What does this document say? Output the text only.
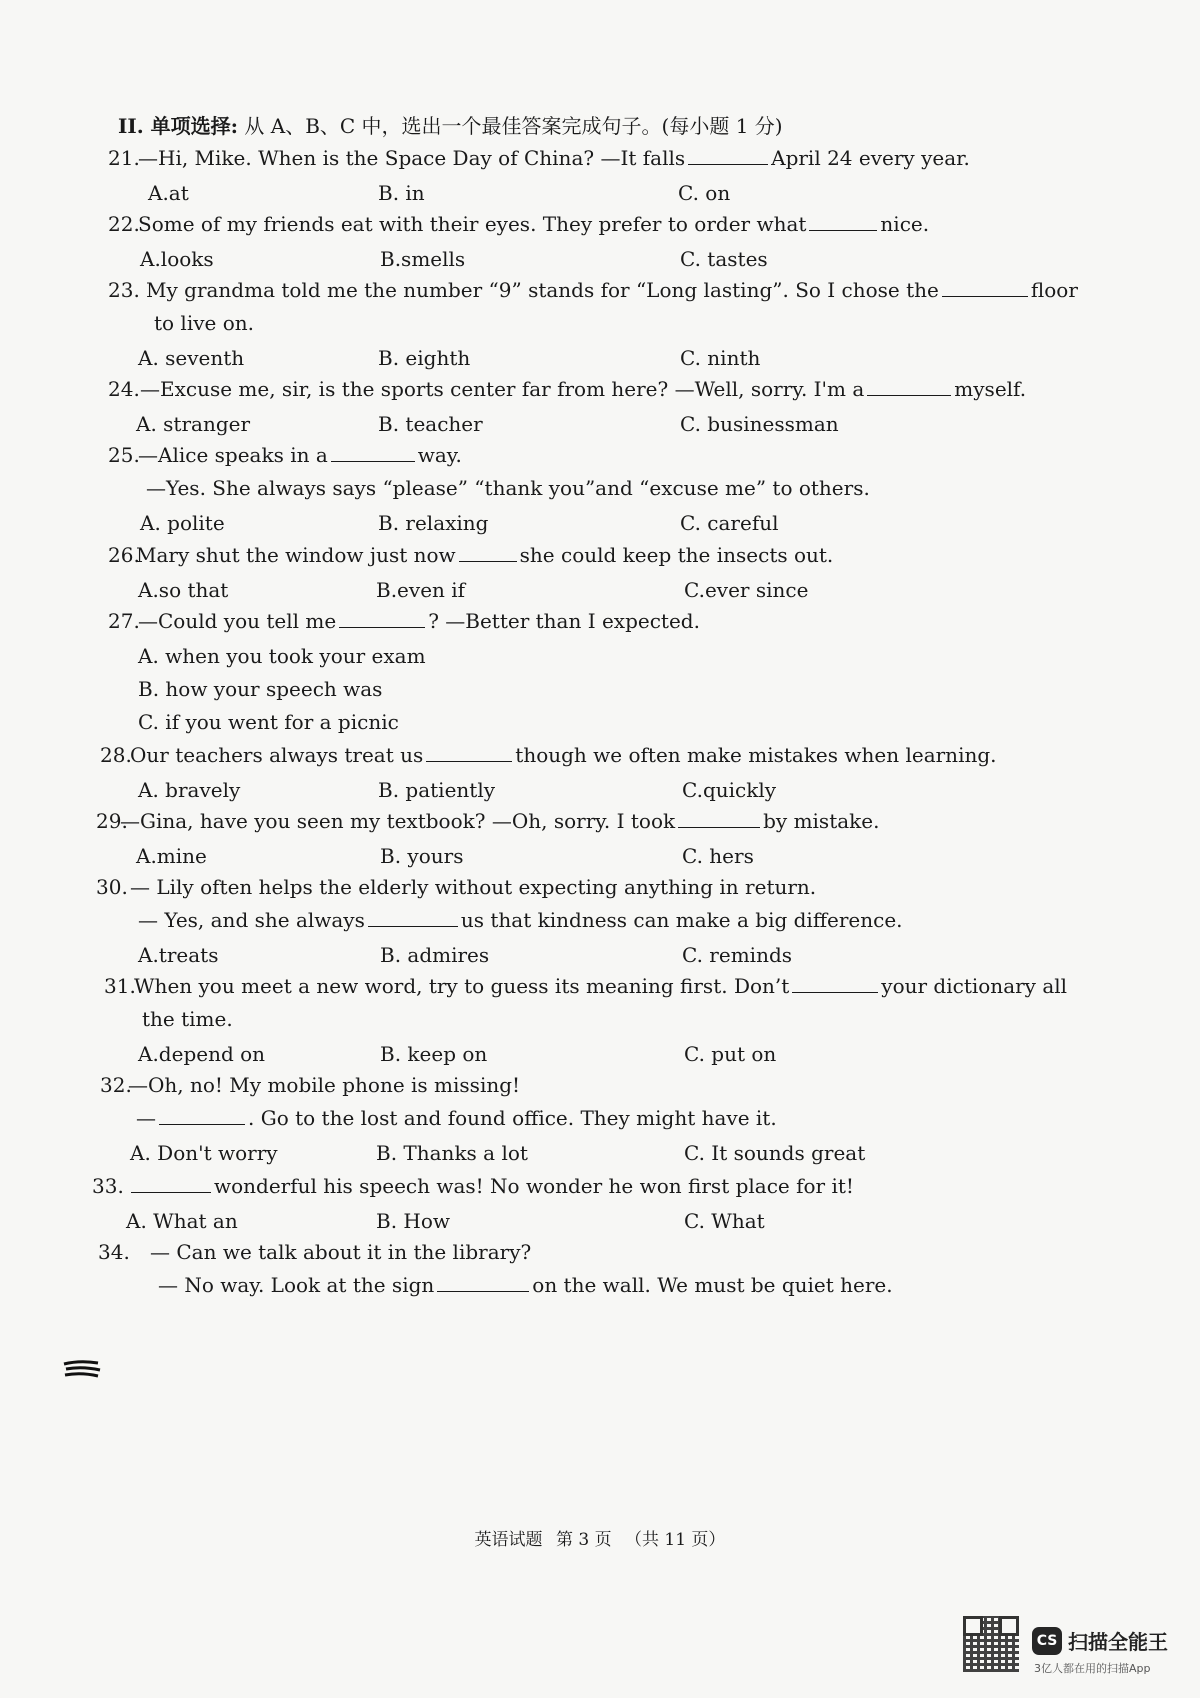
II. 单项选择: 从 A、B、C 中，选出一个最佳答案完成句子。(每小题 1 分)
21.
—Hi, Mike. When is the Space Day of China? —It falls	April 24 every year.
A.at	B. in	C. on
22.
Some of my friends eat with their eyes. They prefer to order what	nice.
A.looks	B.smells	C. tastes
23. My grandma told me the number “9” stands for “Long lasting”. So I chose the	floor
to live on.
A. seventh	B. eighth	C. ninth
24. —Excuse me, sir, is the sports center far from here? —Well, sorry. I'm a	myself.
A. stranger	B. teacher	C. businessman
25.
—Alice speaks in a	way.
—Yes. She always says “please” “thank you”and “excuse me” to others.
A. polite	B. relaxing	C. careful
26.
Mary shut the window just now	she could keep the insects out.
A.so that	B.even if	C.ever since
27.
—Could you tell me	? —Better than I expected.
A. when you took your exam
B. how your speech was
C. if you went for a picnic
28.
Our teachers always treat us	though we often make mistakes when learning.
A. bravely	B. patiently	C.quickly
29.
—Gina, have you seen my textbook? —Oh, sorry. I took	by mistake.
A.mine	B. yours	C. hers
30. — Lily often helps the elderly without expecting anything in return.
— Yes, and she always	us that kindness can make a big difference.
A.treats	B. admires	C. reminds
31.
When you meet a new word, try to guess its meaning first. Don’t	your dictionary all
the time.
A.depend on	B. keep on	C. put on
32.
—Oh, no! My mobile phone is missing!
—	. Go to the lost and found office. They might have it.
A. Don't worry	B. Thanks a lot	C. It sounds great
33.	wonderful his speech was! No wonder he won first place for it!
A. What an	B. How	C. What
34. — Can we talk about it in the library?
— No way. Look at the sign	on the wall. We must be quiet here.
英语试题 第 3 页 （共 11 页）
CS 扫描全能王
3亿人都在用的扫描App
